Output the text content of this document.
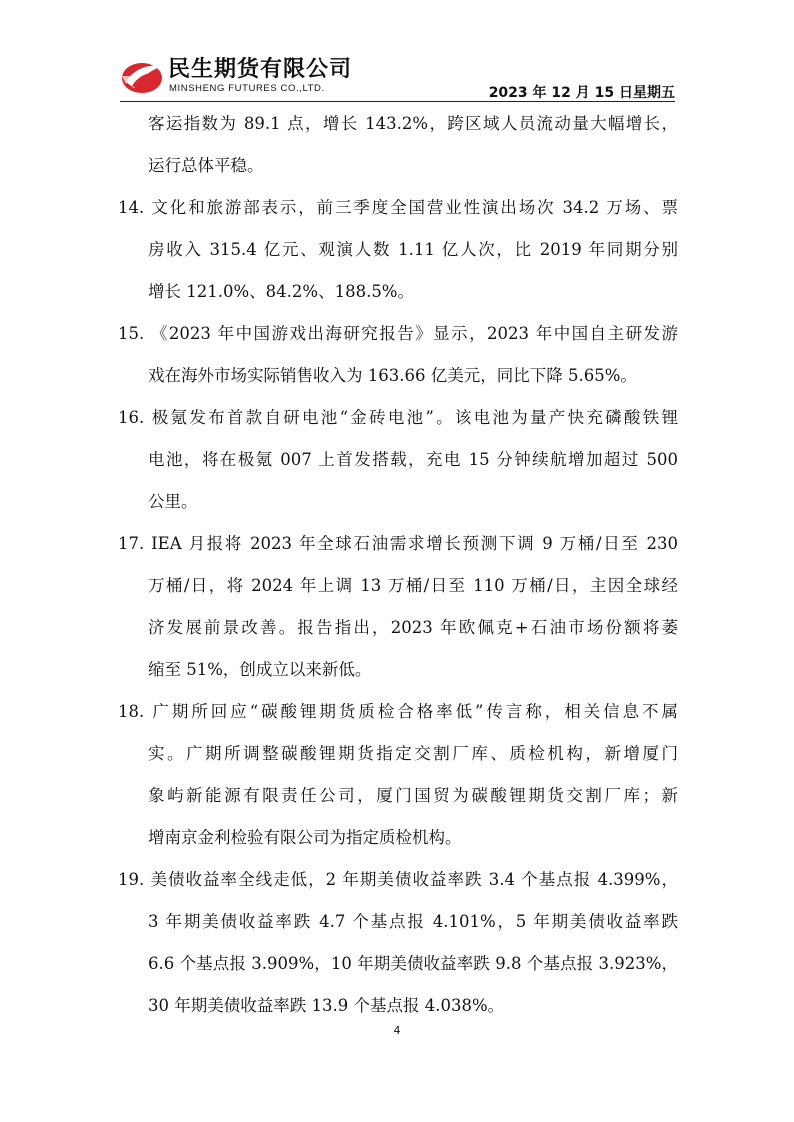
民生期货有限公司
MINSHENG FUTURES CO.,LTD.	2023 年 12 月 15 日星期五
客运指数为 89.1 点，增长 143.2%，跨区域人员流动量大幅增长，
运行总体平稳。
14. 文化和旅游部表示，前三季度全国营业性演出场次 34.2 万场、票
房收入 315.4 亿元、观演人数 1.11 亿人次，比 2019 年同期分别
增长 121.0%、84.2%、188.5%。
15. 《2023 年中国游戏出海研究报告》显示，2023 年中国自主研发游
戏在海外市场实际销售收入为 163.66 亿美元，同比下降 5.65%。
16. 极氪发布首款自研电池“金砖电池”。该电池为量产快充磷酸铁锂
电池，将在极氪 007 上首发搭载，充电 15 分钟续航增加超过 500
公里。
17. IEA 月报将 2023 年全球石油需求增长预测下调 9 万桶/日至 230
万桶/日，将 2024 年上调 13 万桶/日至 110 万桶/日，主因全球经
济发展前景改善。报告指出，2023 年欧佩克+石油市场份额将萎
缩至 51%，创成立以来新低。
18. 广期所回应“碳酸锂期货质检合格率低”传言称，相关信息不属
实。广期所调整碳酸锂期货指定交割厂库、质检机构，新增厦门
象屿新能源有限责任公司，厦门国贸为碳酸锂期货交割厂库；新
增南京金利检验有限公司为指定质检机构。
19. 美债收益率全线走低，2 年期美债收益率跌 3.4 个基点报 4.399%，
3 年期美债收益率跌 4.7 个基点报 4.101%，5 年期美债收益率跌
6.6 个基点报 3.909%，10 年期美债收益率跌 9.8 个基点报 3.923%，
30 年期美债收益率跌 13.9 个基点报 4.038%。
4
